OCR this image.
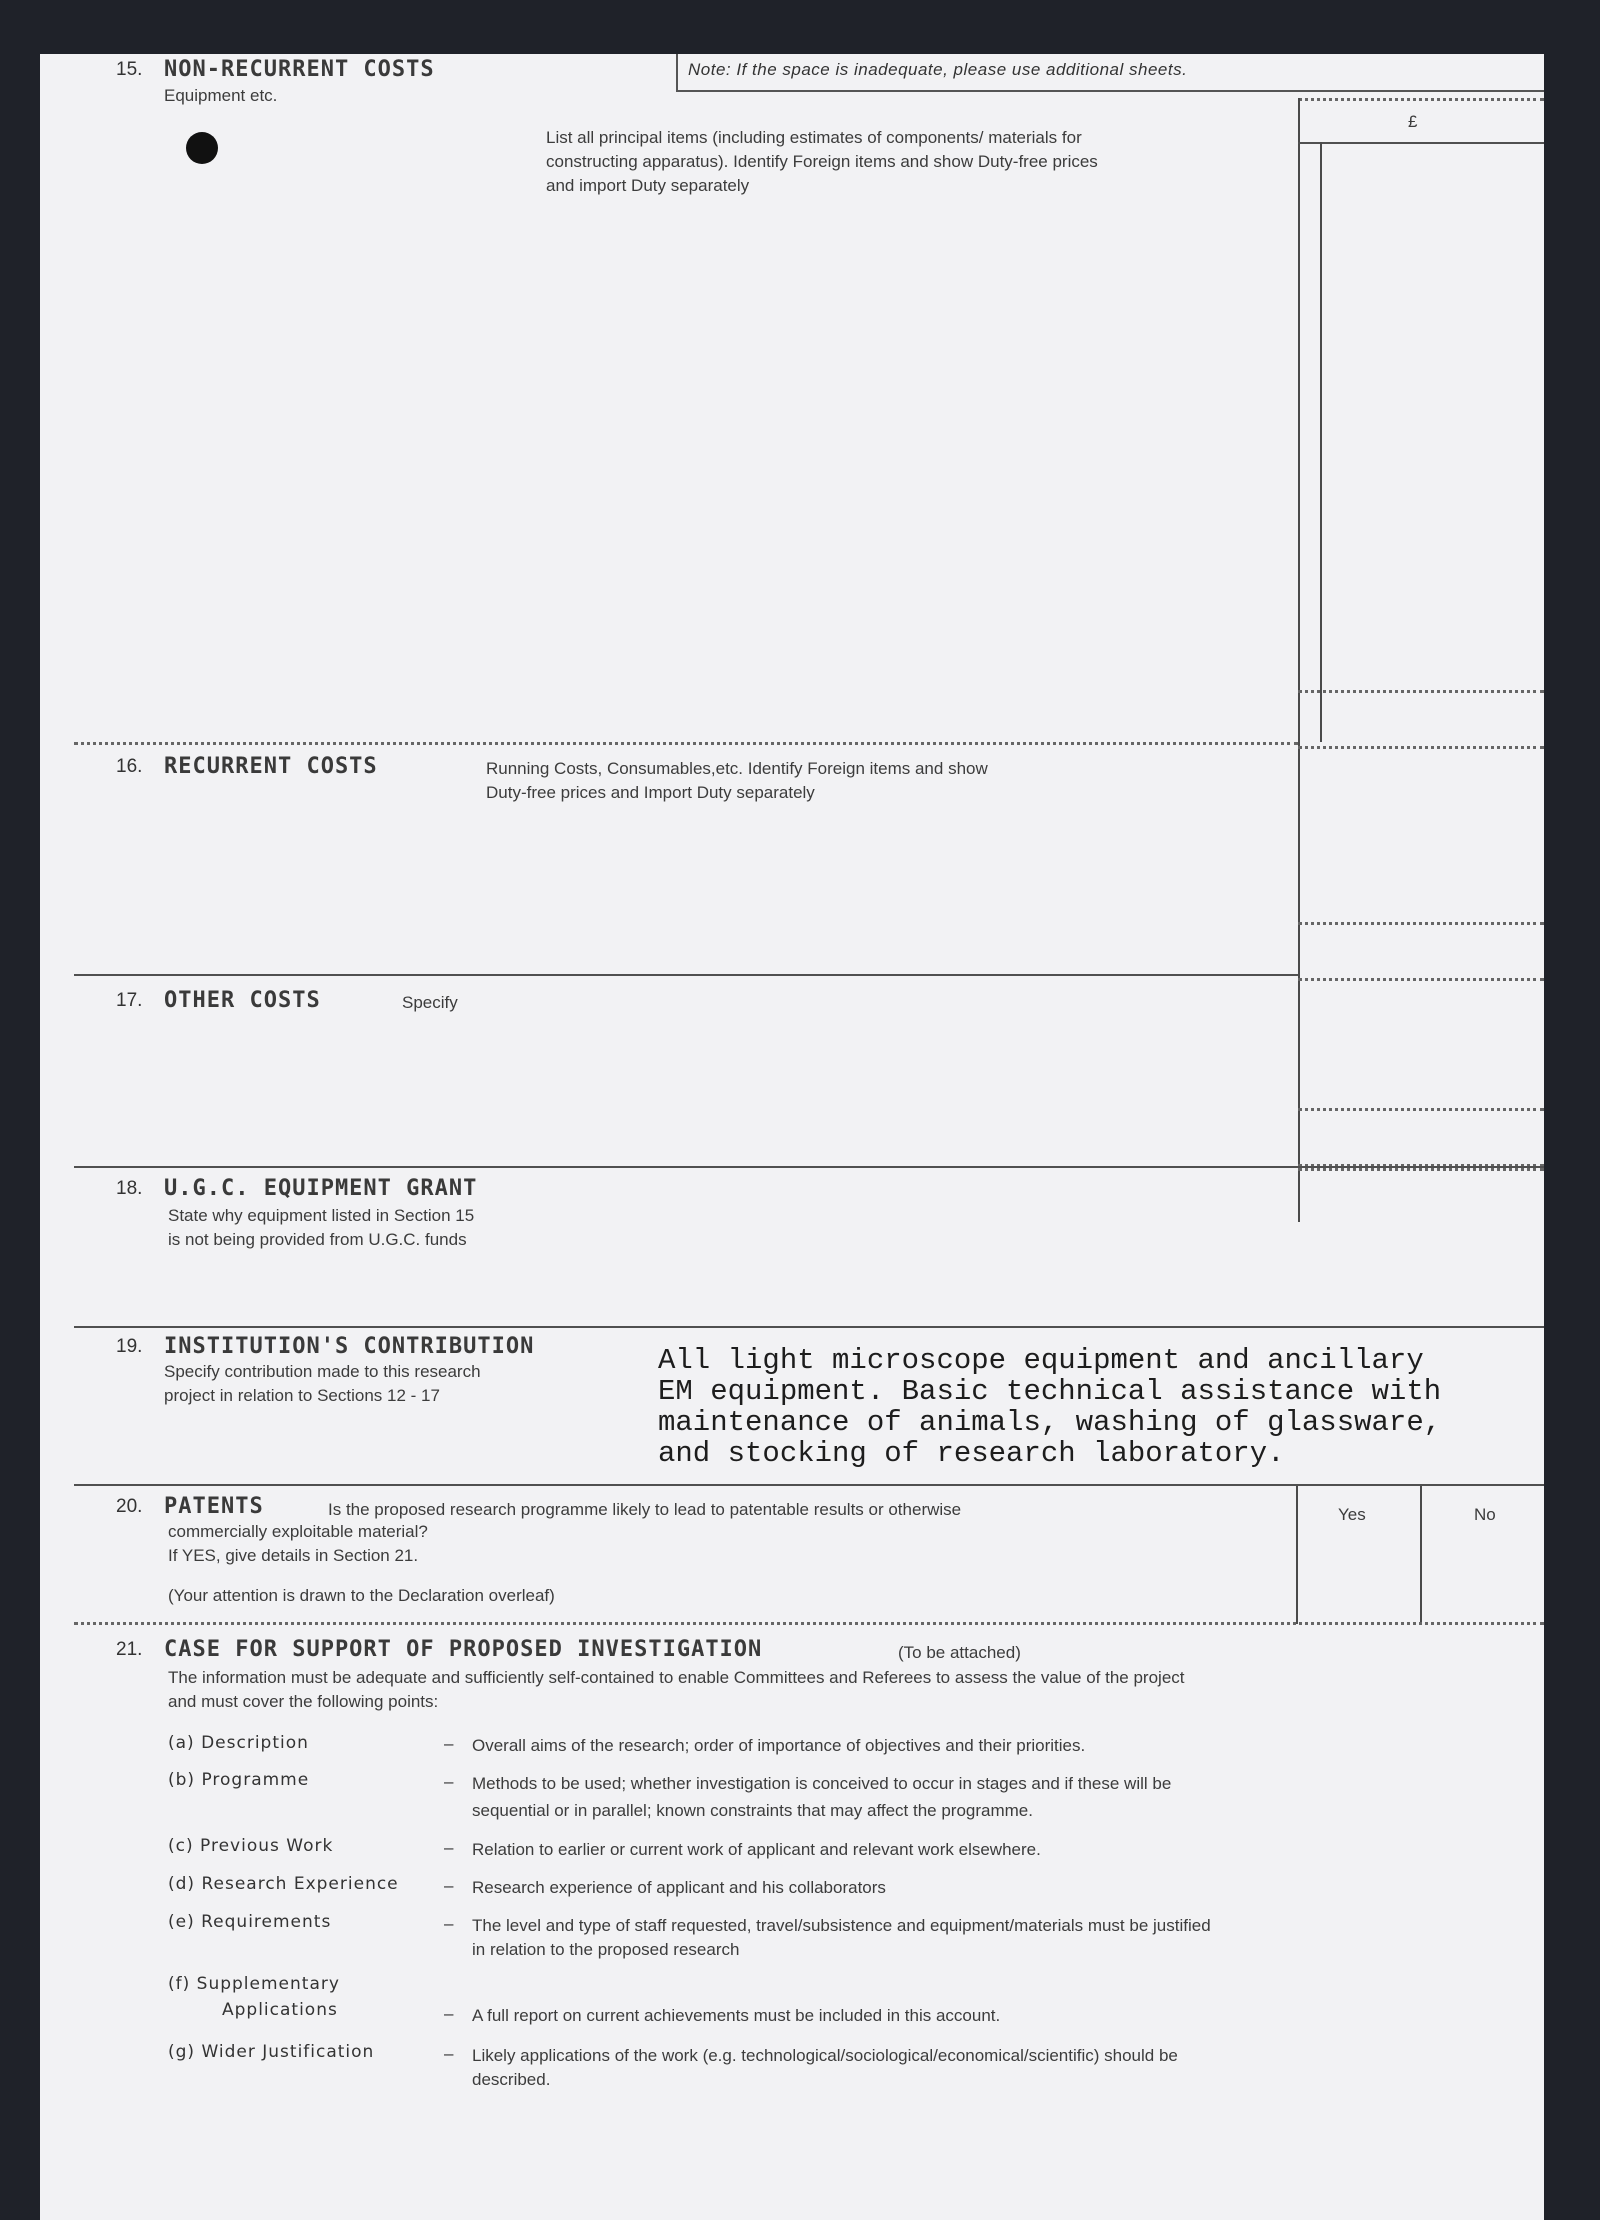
15. NON-RECURRENT COSTS
Equipment etc.
Note: If the space is inadequate, please use additional sheets.
List all principal items (including estimates of components/ materials for
constructing apparatus). Identify Foreign items and show Duty-free prices
and import Duty separately
£
16. RECURRENT COSTS	Running Costs, Consumables,etc. Identify Foreign items and show
Duty-free prices and Import Duty separately
17. OTHER COSTS	Specify
18. U.G.C. EQUIPMENT GRANT
State why equipment listed in Section 15
is not being provided from U.G.C. funds
19. INSTITUTION'S CONTRIBUTION
Specify contribution made to this research
project in relation to Sections 12 - 17
All light microscope equipment and ancillary
EM equipment. Basic technical assistance with
maintenance of animals, washing of glassware,
and stocking of research laboratory.
20. PATENTS	Is the proposed research programme likely to lead to patentable results or otherwise
commercially exploitable material?
If YES, give details in Section 21.
(Your attention is drawn to the Declaration overleaf)
Yes	No
21. CASE FOR SUPPORT OF PROPOSED INVESTIGATION	(To be attached)
The information must be adequate and sufficiently self-contained to enable Committees and Referees to assess the value of the project
and must cover the following points:
(a) Description	– Overall aims of the research; order of importance of objectives and their priorities.
(b) Programme	– Methods to be used; whether investigation is conceived to occur in stages and if these will be
sequential or in parallel; known constraints that may affect the programme.
(c) Previous Work	– Relation to earlier or current work of applicant and relevant work elsewhere.
(d) Research Experience	– Research experience of applicant and his collaborators
(e) Requirements	– The level and type of staff requested, travel/subsistence and equipment/materials must be justified
in relation to the proposed research
(f) Supplementary
Applications	– A full report on current achievements must be included in this account.
(g) Wider Justification	– Likely applications of the work (e.g. technological/sociological/economical/scientific) should be
described.
